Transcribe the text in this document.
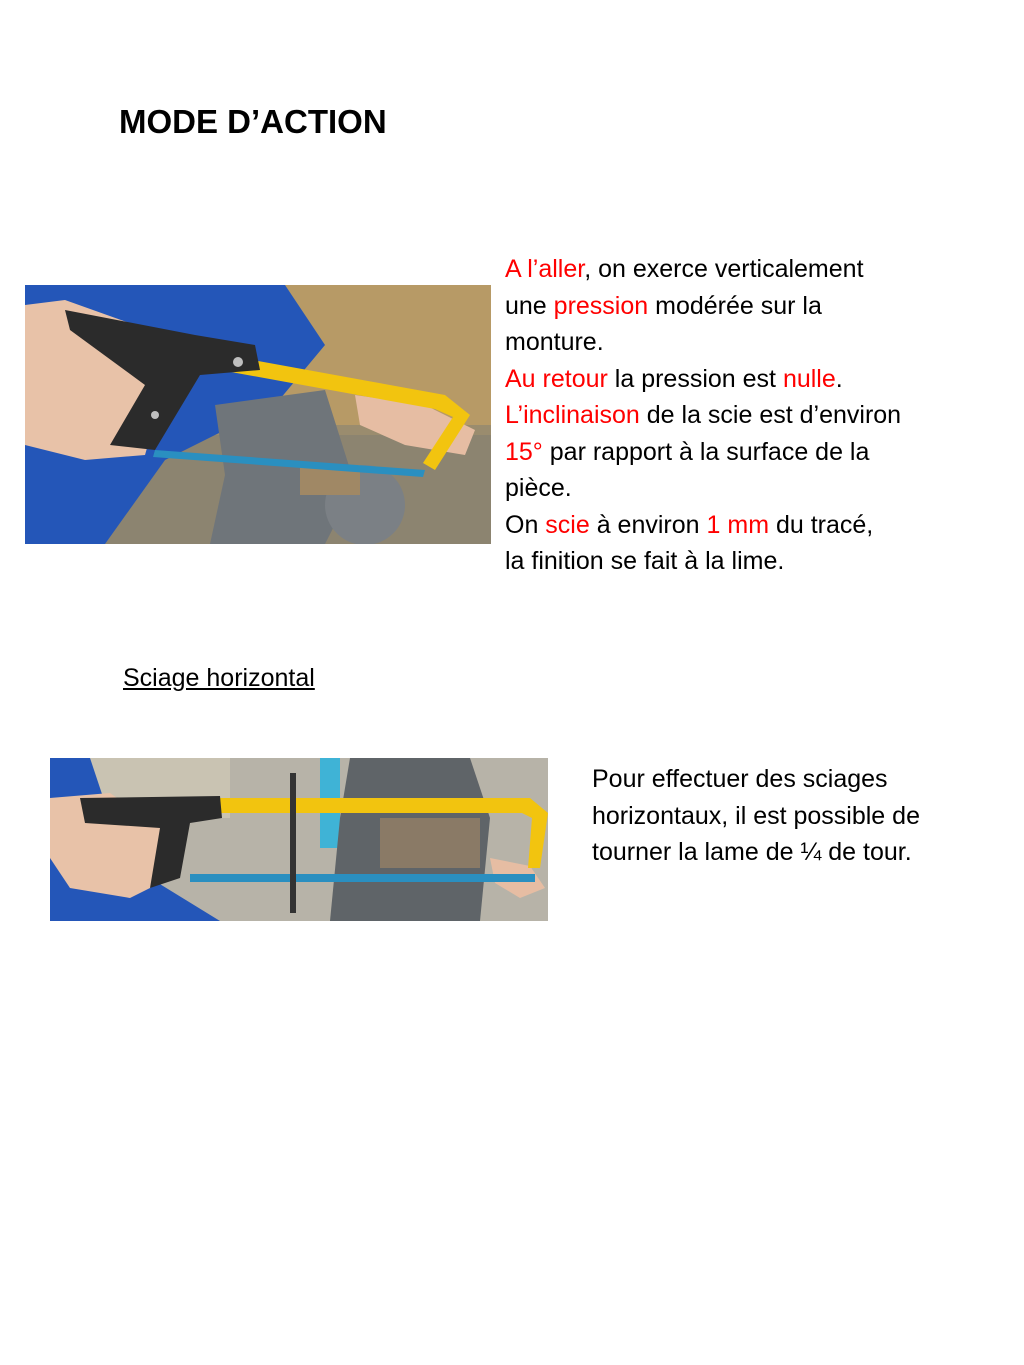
MODE D’ACTION
A l’aller, on exerce verticalement
une pression modérée sur la
monture.
Au retour la pression est nulle.
L’inclinaison de la scie est d’environ
15° par rapport à la surface de la
pièce.
On scie à environ 1 mm du tracé,
la finition se fait à la lime.

Sciage horizontal

Pour effectuer des sciages
horizontaux, il est possible de
tourner la lame de ¼ de tour.
